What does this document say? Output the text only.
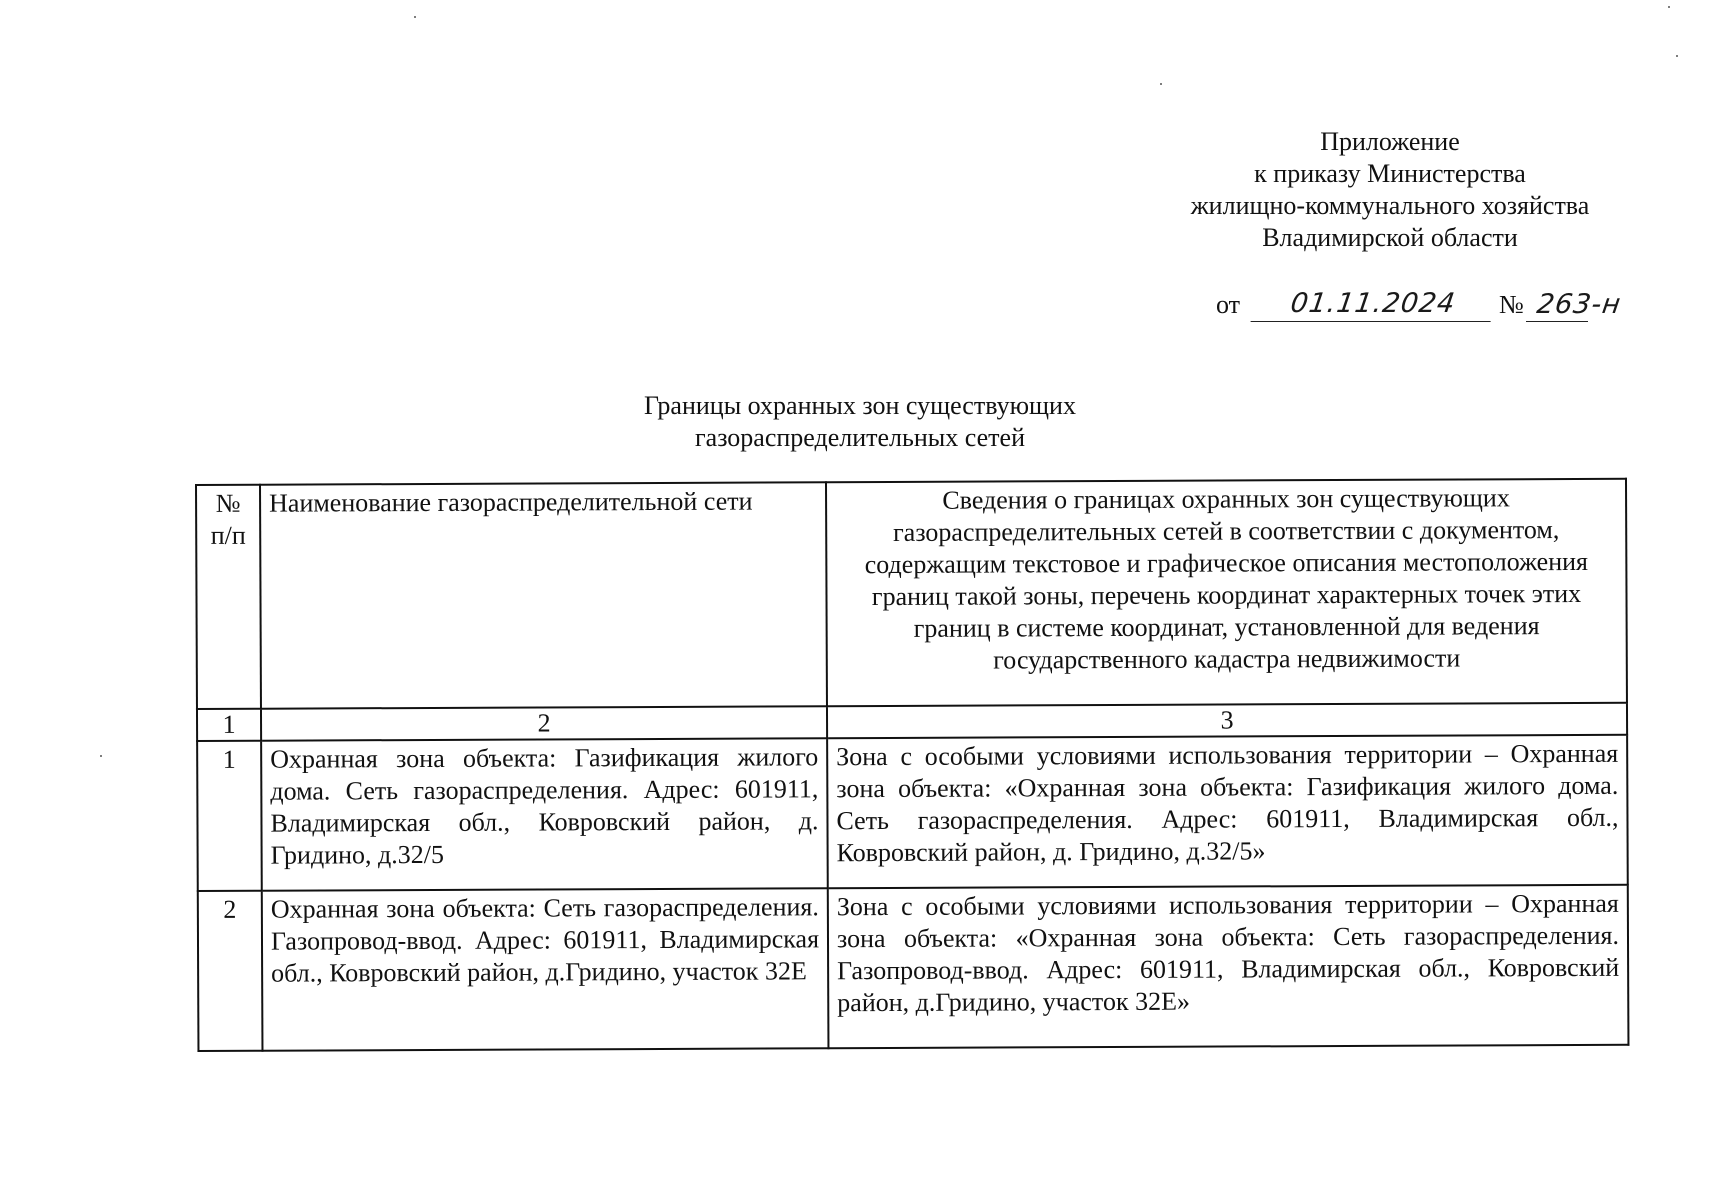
Приложение
к приказу Министерства
жилищно-коммунального хозяйства
Владимирской области
от 01.11.2024 № 263-н
Границы охранных зон существующих
газораспределительных сетей
№ п/п	Наименование газораспределительной сети	Сведения о границах охранных зон существующих газораспределительных сетей в соответствии с документом, содержащим текстовое и графическое описания местоположения границ такой зоны, перечень координат характерных точек этих границ в системе координат, установленной для ведения государственного кадастра недвижимости
1	2	3
1	Охранная зона объекта: Газификация жилого дома. Сеть газораспределения. Адрес: 601911, Владимирская обл., Ковровский район, д. Гридино, д.32/5	Зона с особыми условиями использования территории – Охранная зона объекта: «Охранная зона объекта: Газификация жилого дома. Сеть газораспределения. Адрес: 601911, Владимирская обл., Ковровский район, д. Гридино, д.32/5»
2	Охранная зона объекта: Сеть газораспределения. Газопровод-ввод. Адрес: 601911, Владимирская обл., Ковровский район, д.Гридино, участок 32Е	Зона с особыми условиями использования территории – Охранная зона объекта: «Охранная зона объекта: Сеть газораспределения. Газопровод-ввод. Адрес: 601911, Владимирская обл., Ковровский район, д.Гридино, участок 32Е»
